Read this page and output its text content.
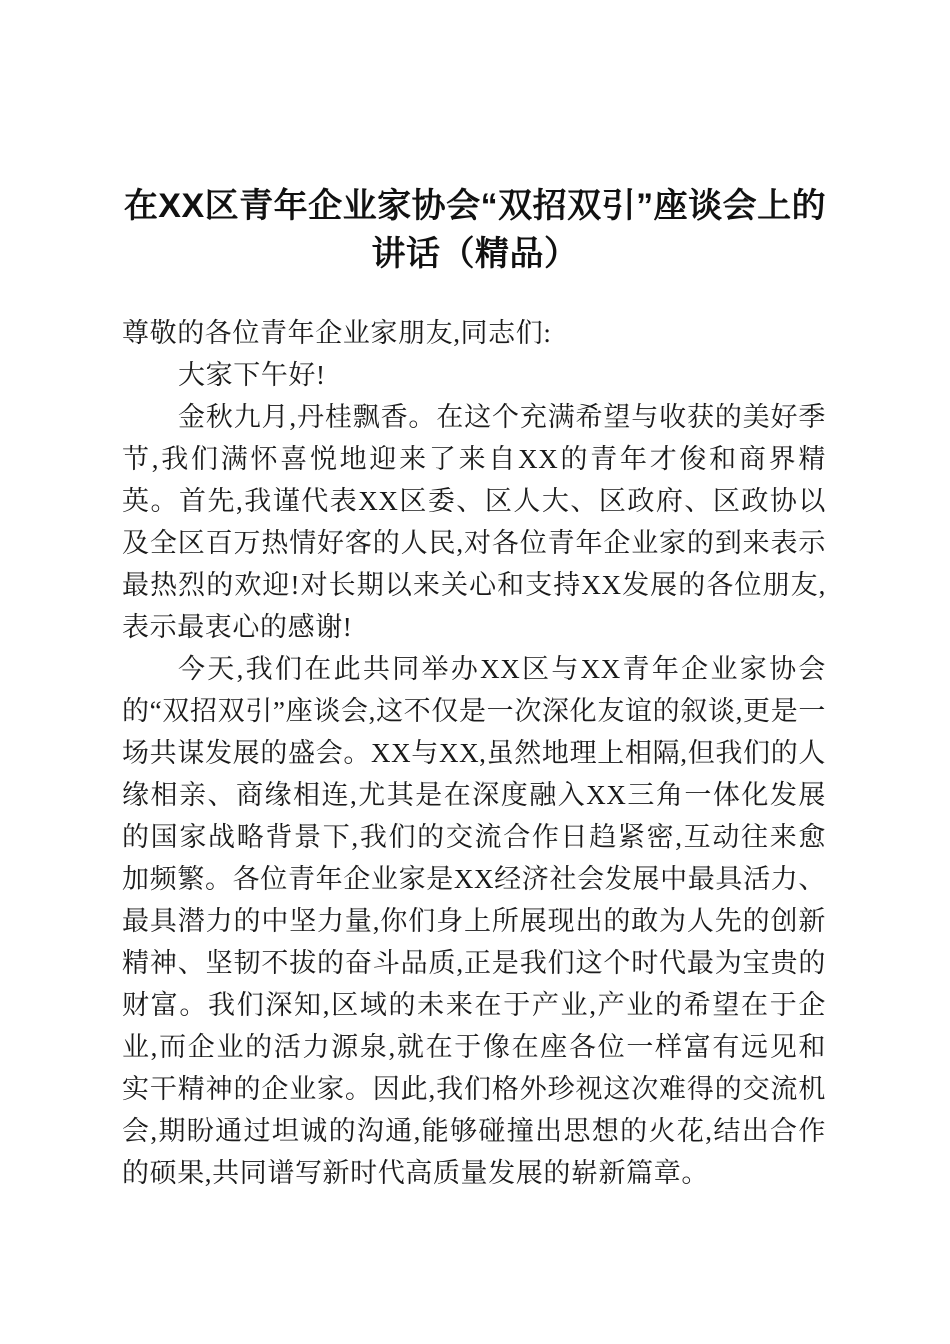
在XX区青年企业家协会“双招双引”座谈会上的讲话（精品）

尊敬的各位青年企业家朋友,同志们:

大家下午好!

金秋九月,丹桂飘香。在这个充满希望与收获的美好季节,我们满怀喜悦地迎来了来自XX的青年才俊和商界精英。首先,我谨代表XX区委、区人大、区政府、区政协以及全区百万热情好客的人民,对各位青年企业家的到来表示最热烈的欢迎!对长期以来关心和支持XX发展的各位朋友,表示最衷心的感谢!

今天,我们在此共同举办XX区与XX青年企业家协会的“双招双引”座谈会,这不仅是一次深化友谊的叙谈,更是一场共谋发展的盛会。XX与XX,虽然地理上相隔,但我们的人缘相亲、商缘相连,尤其是在深度融入XX三角一体化发展的国家战略背景下,我们的交流合作日趋紧密,互动往来愈加频繁。各位青年企业家是XX经济社会发展中最具活力、最具潜力的中坚力量,你们身上所展现出的敢为人先的创新精神、坚韧不拔的奋斗品质,正是我们这个时代最为宝贵的财富。我们深知,区域的未来在于产业,产业的希望在于企业,而企业的活力源泉,就在于像在座各位一样富有远见和实干精神的企业家。因此,我们格外珍视这次难得的交流机会,期盼通过坦诚的沟通,能够碰撞出思想的火花,结出合作的硕果,共同谱写新时代高质量发展的崭新篇章。
